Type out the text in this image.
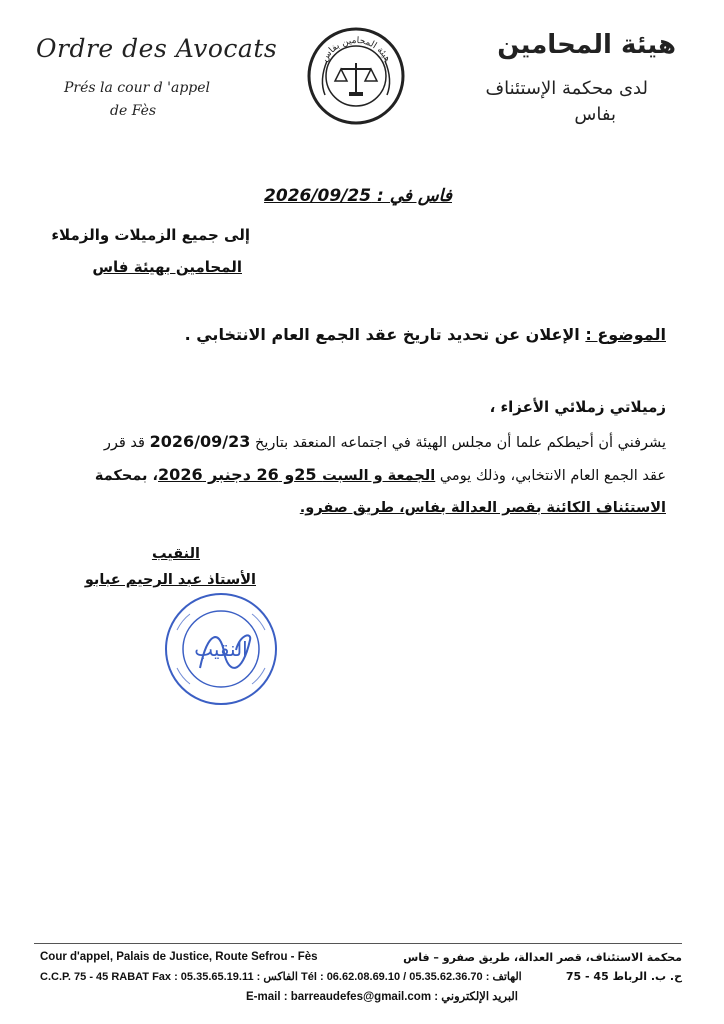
Ordre des Avocats
Prés la cour d 'appel
de Fès
هيئة المحامين بفاس	هيئة المحامين
لدى محكمة الإستئناف
بفاس
فاس في : 2026/09/25
إلى جميع الزميلات والزملاء
المحامين بهيئة فاس
الموضوع : الإعلان عن تحديد تاريخ عقد الجمع العام الانتخابي .
زميلاتي زملائي الأعزاء ،
يشرفني أن أحيطكم علما أن مجلس الهيئة في اجتماعه المنعقد بتاريخ 2026/09/23 قد قرر
عقد الجمع العام الانتخابي، وذلك يومي الجمعة و السبت 25و 26 دجنبر 2026، بمحكمة
الاستئناف الكائنة بقصر العدالة بفاس، طريق صفرو.
النقيب
الأستاذ عبد الرحيم عبابو
النقيب
Cour d'appel, Palais de Justice, Route Sefrou - Fès	محكمة الاستئناف، قصر العدالة، طريق صفرو – فاس
C.C.P. 75 - 45 RABAT Fax : 05.35.65.19.11 : الفاكس Tél : 06.62.08.69.10 / 05.35.62.36.70 : الهاتف	ح. ب. الرباط 45 - 75
E-mail : barreaudefes@gmail.com : البريد الإلكتروني
